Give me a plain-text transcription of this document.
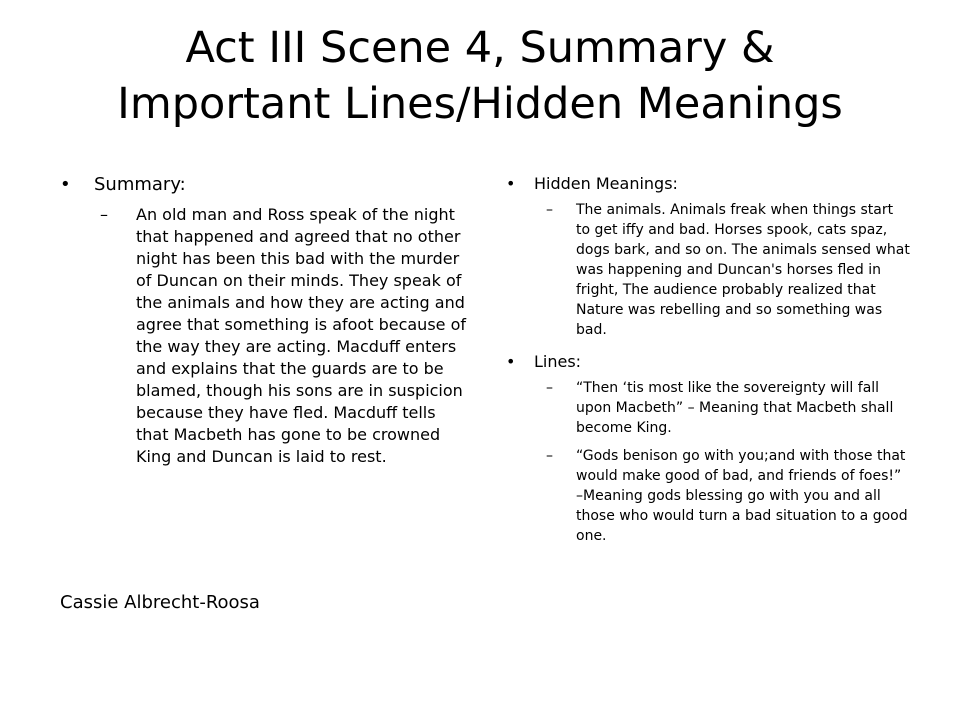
Act III Scene 4, Summary &
Important Lines/Hidden Meanings
• Summary:
– An old man and Ross speak of the night that happened and agreed that no other night has been this bad with the murder of Duncan on their minds. They speak of the animals and how they are acting and agree that something is afoot because of the way they are acting. Macduff enters and explains that the guards are to be blamed, though his sons are in suspicion because they have fled. Macduff tells that Macbeth has gone to be crowned King and Duncan is laid to rest.
Cassie Albrecht-Roosa
• Hidden Meanings:
– The animals. Animals freak when things start to get iffy and bad. Horses spook, cats spaz, dogs bark, and so on. The animals sensed what was happening and Duncan's horses fled in fright, The audience probably realized that Nature was rebelling and so something was bad.
• Lines:
– “Then ‘tis most like the sovereignty will fall upon Macbeth” – Meaning that Macbeth shall become King.
– “Gods benison go with you;and with those that would make good of bad, and friends of foes!” –Meaning gods blessing go with you and all those who would turn a bad situation to a good one.
